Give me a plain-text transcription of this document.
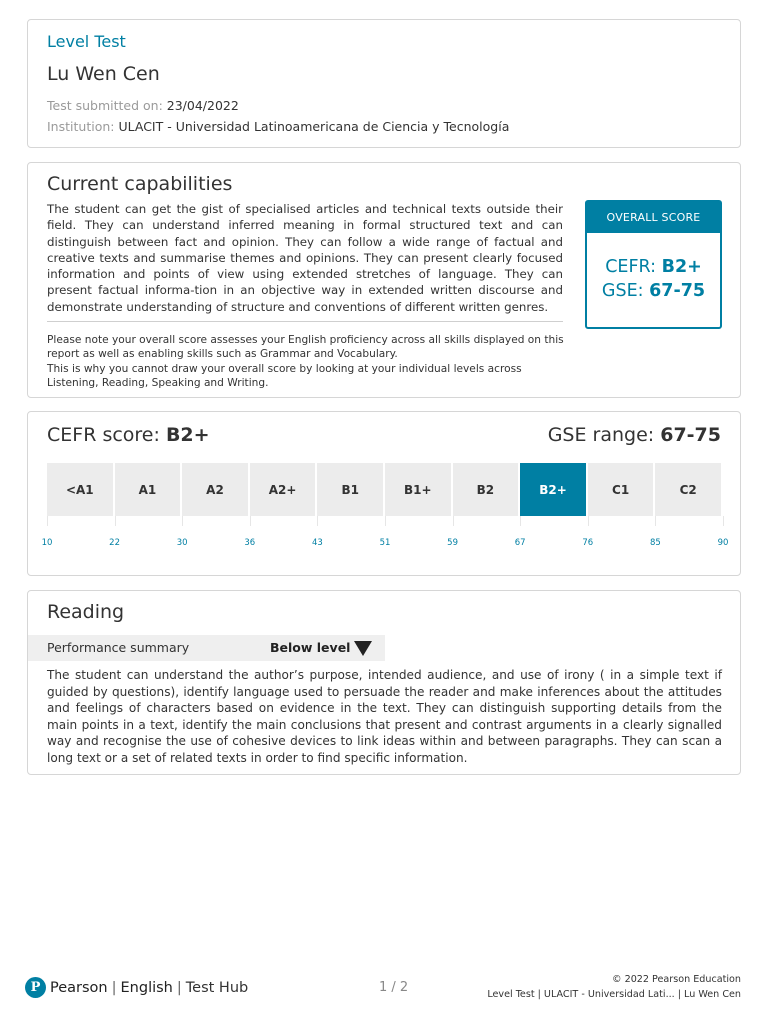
Level Test
Lu Wen Cen
Test submitted on: 23/04/2022
Institution: ULACIT - Universidad Latinoamericana de Ciencia y Tecnología
Current capabilities
The student can get the gist of specialised articles and technical texts outside their field. They can understand inferred meaning in formal structured text and can distinguish between fact and opinion. They can follow a wide range of factual and creative texts and summarise themes and opinions. They can present clearly focused information and points of view using extended stretches of language. They can present factual informa-tion in an objective way in extended written discourse and demonstrate understanding of structure and conventions of different written genres.
Please note your overall score assesses your English proficiency across all skills displayed on this report as well as enabling skills such as Grammar and Vocabulary.
This is why you cannot draw your overall score by looking at your individual levels across Listening, Reading, Speaking and Writing.
OVERALL SCORE
CEFR: B2+
GSE: 67-75
CEFR score: B2+	GSE range: 67-75
<A1	A1	A2	A2+	B1	B1+	B2	B2+	C1	C2
10	22	30	36	43	51	59	67	76	85	90
Reading
Performance summary	Below level
The student can understand the author’s purpose, intended audience, and use of irony ( in a simple text if guided by questions), identify language used to persuade the reader and make inferences about the attitudes and feelings of characters based on evidence in the text. They can distinguish supporting details from the main points in a text, identify the main conclusions that present and contrast arguments in a clearly signalled way and recognise the use of cohesive devices to link ideas within and between paragraphs. They can scan a long text or a set of related texts in order to find specific information.
P Pearson | English | Test Hub	1 / 2
© 2022 Pearson Education
Level Test | ULACIT - Universidad Lati... | Lu Wen Cen
